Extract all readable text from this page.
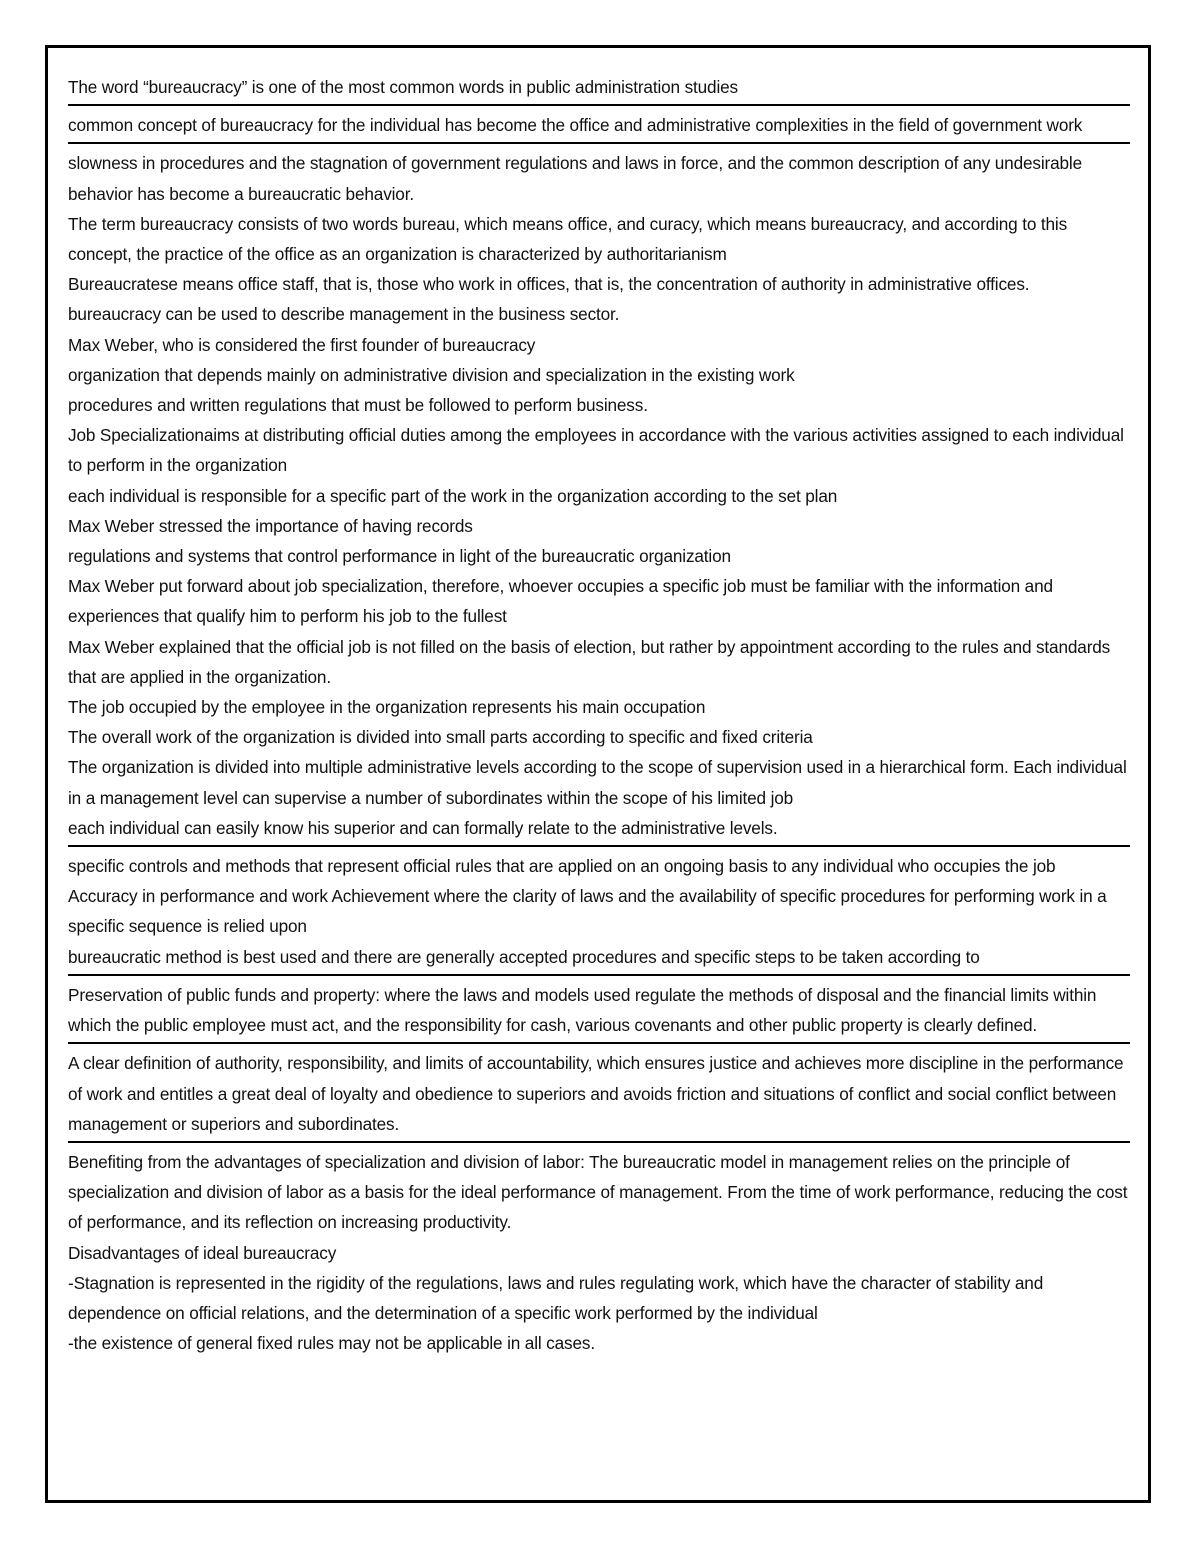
The word “bureaucracy” is one of the most common words in public administration studies

common concept of bureaucracy for the individual has become the office and administrative complexities in the field of government work

slowness in procedures and the stagnation of government regulations and laws in force, and the common description of any undesirable behavior has become a bureaucratic behavior.

The term bureaucracy consists of two words bureau, which means office, and curacy, which means bureaucracy, and according to this concept, the practice of the office as an organization is characterized by authoritarianism

Bureaucratese means office staff, that is, those who work in offices, that is, the concentration of authority in administrative offices.

bureaucracy can be used to describe management in the business sector.

Max Weber, who is considered the first founder of bureaucracy

organization that depends mainly on administrative division and specialization in the existing work

procedures and written regulations that must be followed to perform business.

Job Specializationaims at distributing official duties among the employees in accordance with the various activities assigned to each individual to perform in the organization

each individual is responsible for a specific part of the work in the organization according to the set plan

Max Weber stressed the importance of having records

regulations and systems that control performance in light of the bureaucratic organization

Max Weber put forward about job specialization, therefore, whoever occupies a specific job must be familiar with the information and experiences that qualify him to perform his job to the fullest

Max Weber explained that the official job is not filled on the basis of election, but rather by appointment according to the rules and standards that are applied in the organization.

The job occupied by the employee in the organization represents his main occupation

The overall work of the organization is divided into small parts according to specific and fixed criteria

The organization is divided into multiple administrative levels according to the scope of supervision used in a hierarchical form. Each individual in a management level can supervise a number of subordinates within the scope of his limited job

each individual can easily know his superior and can formally relate to the administrative levels.

specific controls and methods that represent official rules that are applied on an ongoing basis to any individual who occupies the job

Accuracy in performance and work Achievement where the clarity of laws and the availability of specific procedures for performing work in a specific sequence is relied upon

bureaucratic method is best used and there are generally accepted procedures and specific steps to be taken according to

Preservation of public funds and property: where the laws and models used regulate the methods of disposal and the financial limits within which the public employee must act, and the responsibility for cash, various covenants and other public property is clearly defined.

A clear definition of authority, responsibility, and limits of accountability, which ensures justice and achieves more discipline in the performance of work and entitles a great deal of loyalty and obedience to superiors and avoids friction and situations of conflict and social conflict between management or superiors and subordinates.

Benefiting from the advantages of specialization and division of labor: The bureaucratic model in management relies on the principle of specialization and division of labor as a basis for the ideal performance of management. From the time of work performance, reducing the cost of performance, and its reflection on increasing productivity.

Disadvantages of ideal bureaucracy

-Stagnation is represented in the rigidity of the regulations, laws and rules regulating work, which have the character of stability and dependence on official relations, and the determination of a specific work performed by the individual

-the existence of general fixed rules may not be applicable in all cases.
